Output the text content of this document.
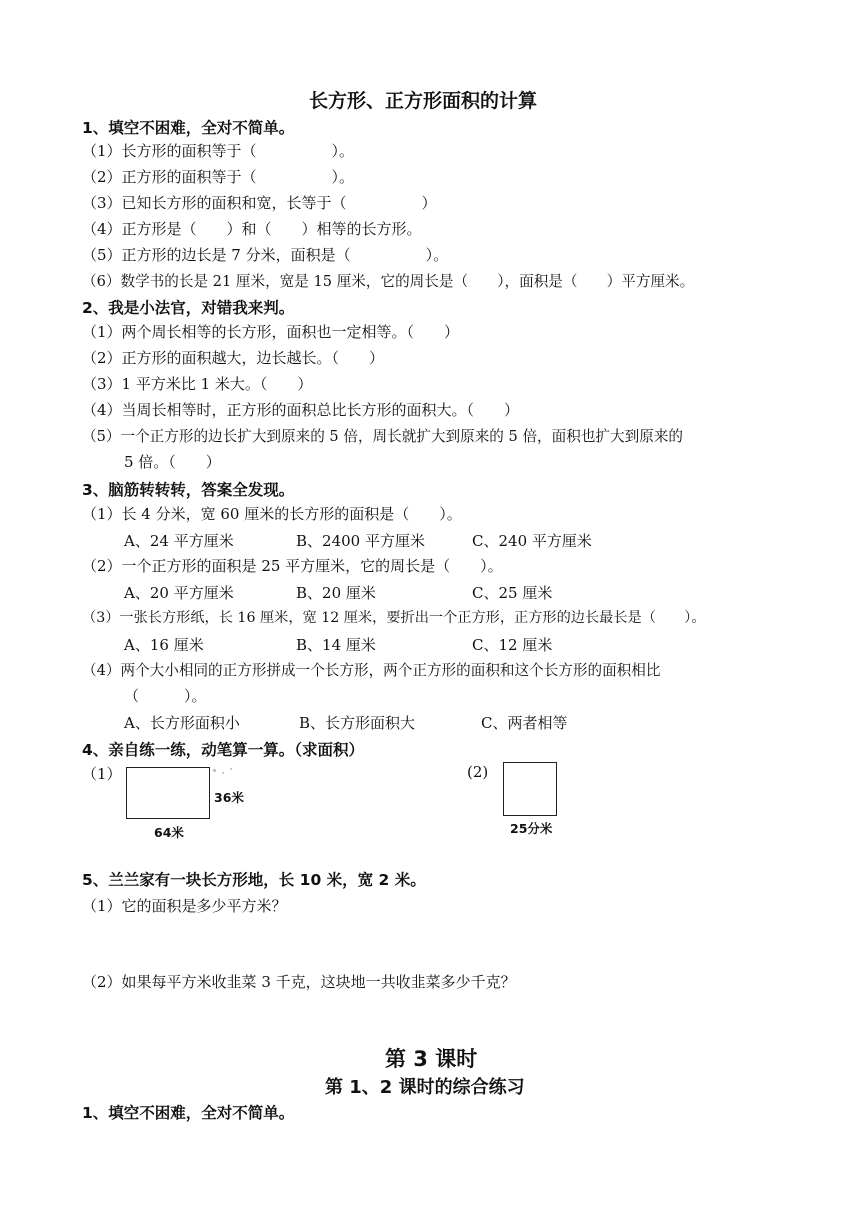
长方形、正方形面积的计算
1、填空不困难，全对不简单。
（1）长方形的面积等于（　　　　　）。
（2）正方形的面积等于（　　　　　）。
（3）已知长方形的面积和宽，长等于（　　　　　）
（4）正方形是（　　）和（　　）相等的长方形。
（5）正方形的边长是 7 分米，面积是（　　　　　）。
（6）数学书的长是 21 厘米，宽是 15 厘米，它的周长是（　　），面积是（　　）平方厘米。
2、我是小法官，对错我来判。
（1）两个周长相等的长方形，面积也一定相等。（　　）
（2）正方形的面积越大，边长越长。（　　）
（3）1 平方米比 1 米大。（　　）
（4）当周长相等时，正方形的面积总比长方形的面积大。（　　）
（5）一个正方形的边长扩大到原来的 5 倍，周长就扩大到原来的 5 倍，面积也扩大到原来的
5 倍。（　　）
3、脑筋转转转，答案全发现。
（1）长 4 分米，宽 60 厘米的长方形的面积是（　　）。
A、24 平方厘米	B、2400 平方厘米	C、240 平方厘米
（2）一个正方形的面积是 25 平方厘米，它的周长是（　　）。
A、20 平方厘米	B、20 厘米	C、25 厘米
（3）一张长方形纸，长 16 厘米，宽 12 厘米，要折出一个正方形，正方形的边长最长是（　　）。
A、16 厘米	B、14 厘米	C、12 厘米
（4）两个大小相同的正方形拼成一个长方形，两个正方形的面积和这个长方形的面积相比
（　　　）。
A、长方形面积小	B、长方形面积大	C、两者相等
4、亲自练一练，动笔算一算。（求面积）
（1）
36米
64米
(2)
25分米
5、兰兰家有一块长方形地，长 10 米，宽 2 米。
（1）它的面积是多少平方米？
（2）如果每平方米收韭菜 3 千克，这块地一共收韭菜多少千克？
第 3 课时
第 1、2 课时的综合练习
1、填空不困难，全对不简单。
